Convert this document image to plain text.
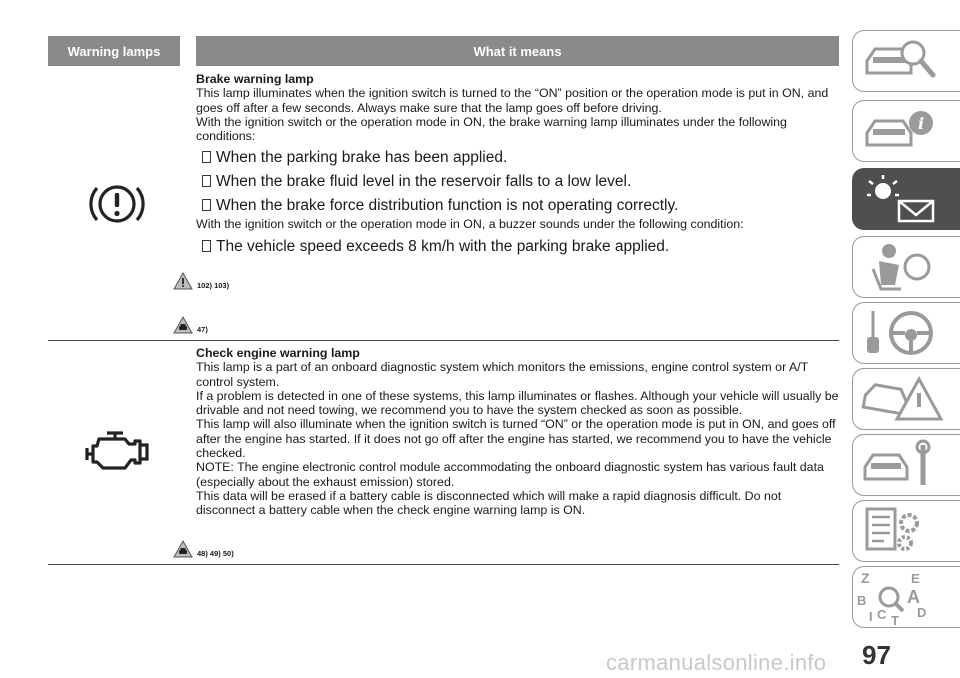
Warning lamps	What it means
Brake warning lamp
This lamp illuminates when the ignition switch is turned to the “ON” position or the operation mode is put in ON, and goes off after a few seconds. Always make sure that the lamp goes off before driving.
With the ignition switch or the operation mode in ON, the brake warning lamp illuminates under the following conditions:
When the parking brake has been applied.
When the brake fluid level in the reservoir falls to a low level.
When the brake force distribution function is not operating correctly.
With the ignition switch or the operation mode in ON, a buzzer sounds under the following condition:
The vehicle speed exceeds 8 km/h with the parking brake applied.
102) 103)
47)
Check engine warning lamp
This lamp is a part of an onboard diagnostic system which monitors the emissions, engine control system or A/T control system.
If a problem is detected in one of these systems, this lamp illuminates or flashes. Although your vehicle will usually be drivable and not need towing, we recommend you to have the system checked as soon as possible.
This lamp will also illuminate when the ignition switch is turned “ON” or the operation mode is put in ON, and goes off after the engine has started. If it does not go off after the engine has started, we recommend you to have the vehicle checked.
NOTE: The engine electronic control module accommodating the onboard diagnostic system has various fault data (especially about the exhaust emission) stored.
This data will be erased if a battery cable is disconnected which will make a rapid diagnosis difficult. Do not disconnect a battery cable when the check engine warning lamp is ON.
48) 49) 50)
i
Z	E
B A
D
I C T
97
carmanualsonline.info
